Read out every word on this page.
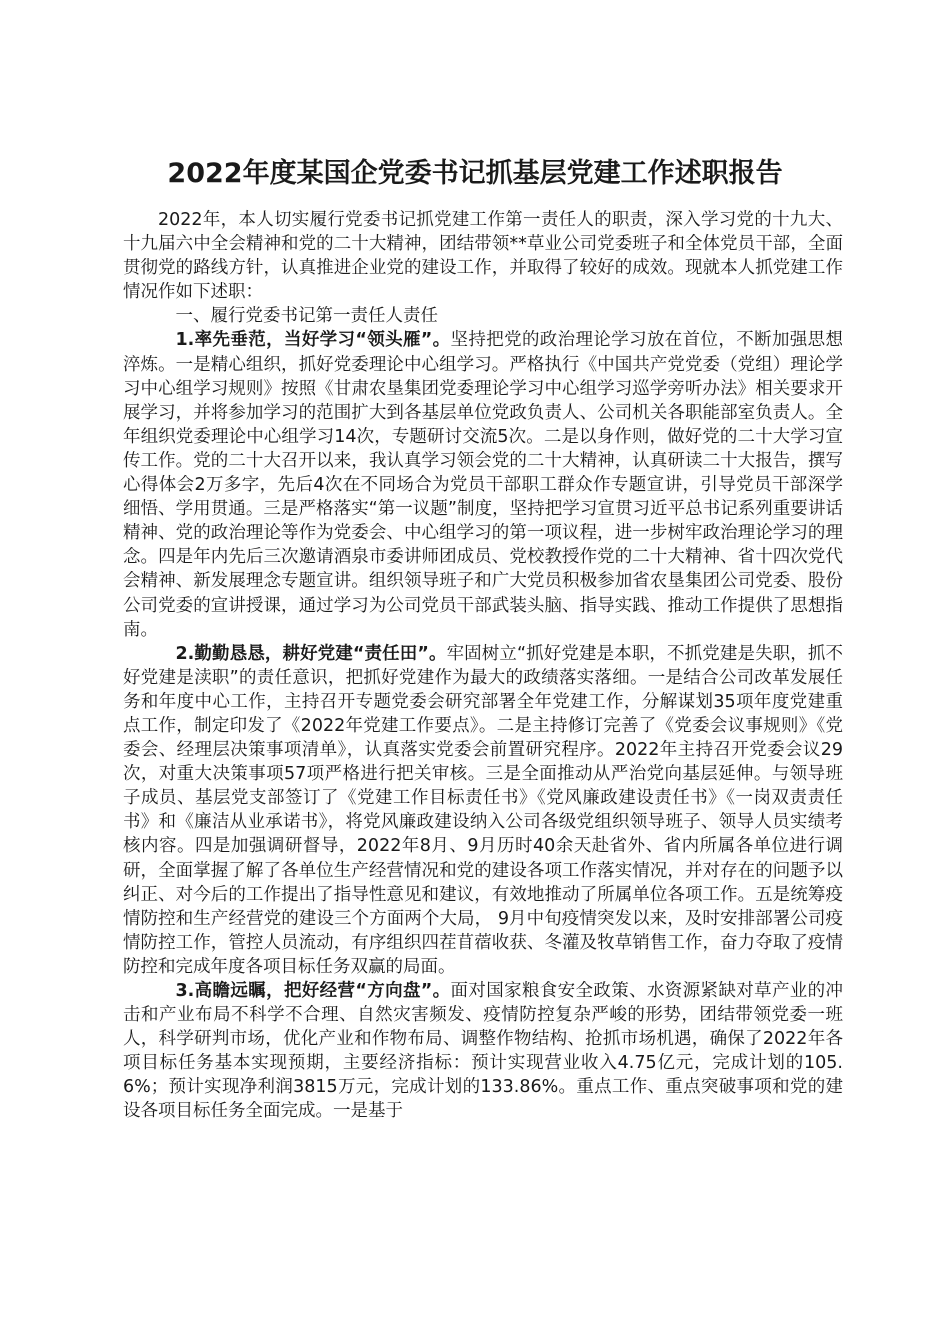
2022年度某国企党委书记抓基层党建工作述职报告

2022年，本人切实履行党委书记抓党建工作第一责任人的职责，深入学习党的十九大、十九届六中全会精神和党的二十大精神，团结带领**草业公司党委班子和全体党员干部，全面贯彻党的路线方针，认真推进企业党的建设工作，并取得了较好的成效。现就本人抓党建工作情况作如下述职：

一、履行党委书记第一责任人责任

1.率先垂范，当好学习“领头雁”。坚持把党的政治理论学习放在首位，不断加强思想淬炼。一是精心组织，抓好党委理论中心组学习。严格执行《中国共产党党委（党组）理论学习中心组学习规则》按照《甘肃农垦集团党委理论学习中心组学习巡学旁听办法》相关要求开展学习，并将参加学习的范围扩大到各基层单位党政负责人、公司机关各职能部室负责人。全年组织党委理论中心组学习14次，专题研讨交流5次。二是以身作则，做好党的二十大学习宣传工作。党的二十大召开以来，我认真学习领会党的二十大精神，认真研读二十大报告，撰写心得体会2万多字，先后4次在不同场合为党员干部职工群众作专题宣讲，引导党员干部深学细悟、学用贯通。三是严格落实“第一议题”制度，坚持把学习宣贯习近平总书记系列重要讲话精神、党的政治理论等作为党委会、中心组学习的第一项议程，进一步树牢政治理论学习的理念。四是年内先后三次邀请酒泉市委讲师团成员、党校教授作党的二十大精神、省十四次党代会精神、新发展理念专题宣讲。组织领导班子和广大党员积极参加省农垦集团公司党委、股份公司党委的宣讲授课，通过学习为公司党员干部武装头脑、指导实践、推动工作提供了思想指南。

2.勤勤恳恳，耕好党建“责任田”。牢固树立“抓好党建是本职，不抓党建是失职，抓不好党建是渎职”的责任意识，把抓好党建作为最大的政绩落实落细。一是结合公司改革发展任务和年度中心工作，主持召开专题党委会研究部署全年党建工作，分解谋划35项年度党建重点工作，制定印发了《2022年党建工作要点》。二是主持修订完善了《党委会议事规则》《党委会、经理层决策事项清单》，认真落实党委会前置研究程序。2022年主持召开党委会议29次，对重大决策事项57项严格进行把关审核。三是全面推动从严治党向基层延伸。与领导班子成员、基层党支部签订了《党建工作目标责任书》《党风廉政建设责任书》《一岗双责责任书》和《廉洁从业承诺书》，将党风廉政建设纳入公司各级党组织领导班子、领导人员实绩考核内容。四是加强调研督导，2022年8月、9月历时40余天赴省外、省内所属各单位进行调研，全面掌握了解了各单位生产经营情况和党的建设各项工作落实情况，并对存在的问题予以纠正、对今后的工作提出了指导性意见和建议，有效地推动了所属单位各项工作。五是统筹疫情防控和生产经营党的建设三个方面两个大局， 9月中旬疫情突发以来，及时安排部署公司疫情防控工作，管控人员流动，有序组织四茬苜蓿收获、冬灌及牧草销售工作，奋力夺取了疫情防控和完成年度各项目标任务双赢的局面。

3.高瞻远瞩，把好经营“方向盘”。面对国家粮食安全政策、水资源紧缺对草产业的冲击和产业布局不科学不合理、自然灾害频发、疫情防控复杂严峻的形势，团结带领党委一班人，科学研判市场，优化产业和作物布局、调整作物结构、抢抓市场机遇，确保了2022年各项目标任务基本实现预期，主要经济指标：预计实现营业收入4.75亿元，完成计划的105.6%；预计实现净利润3815万元，完成计划的133.86%。重点工作、重点突破事项和党的建设各项目标任务全面完成。一是基于
